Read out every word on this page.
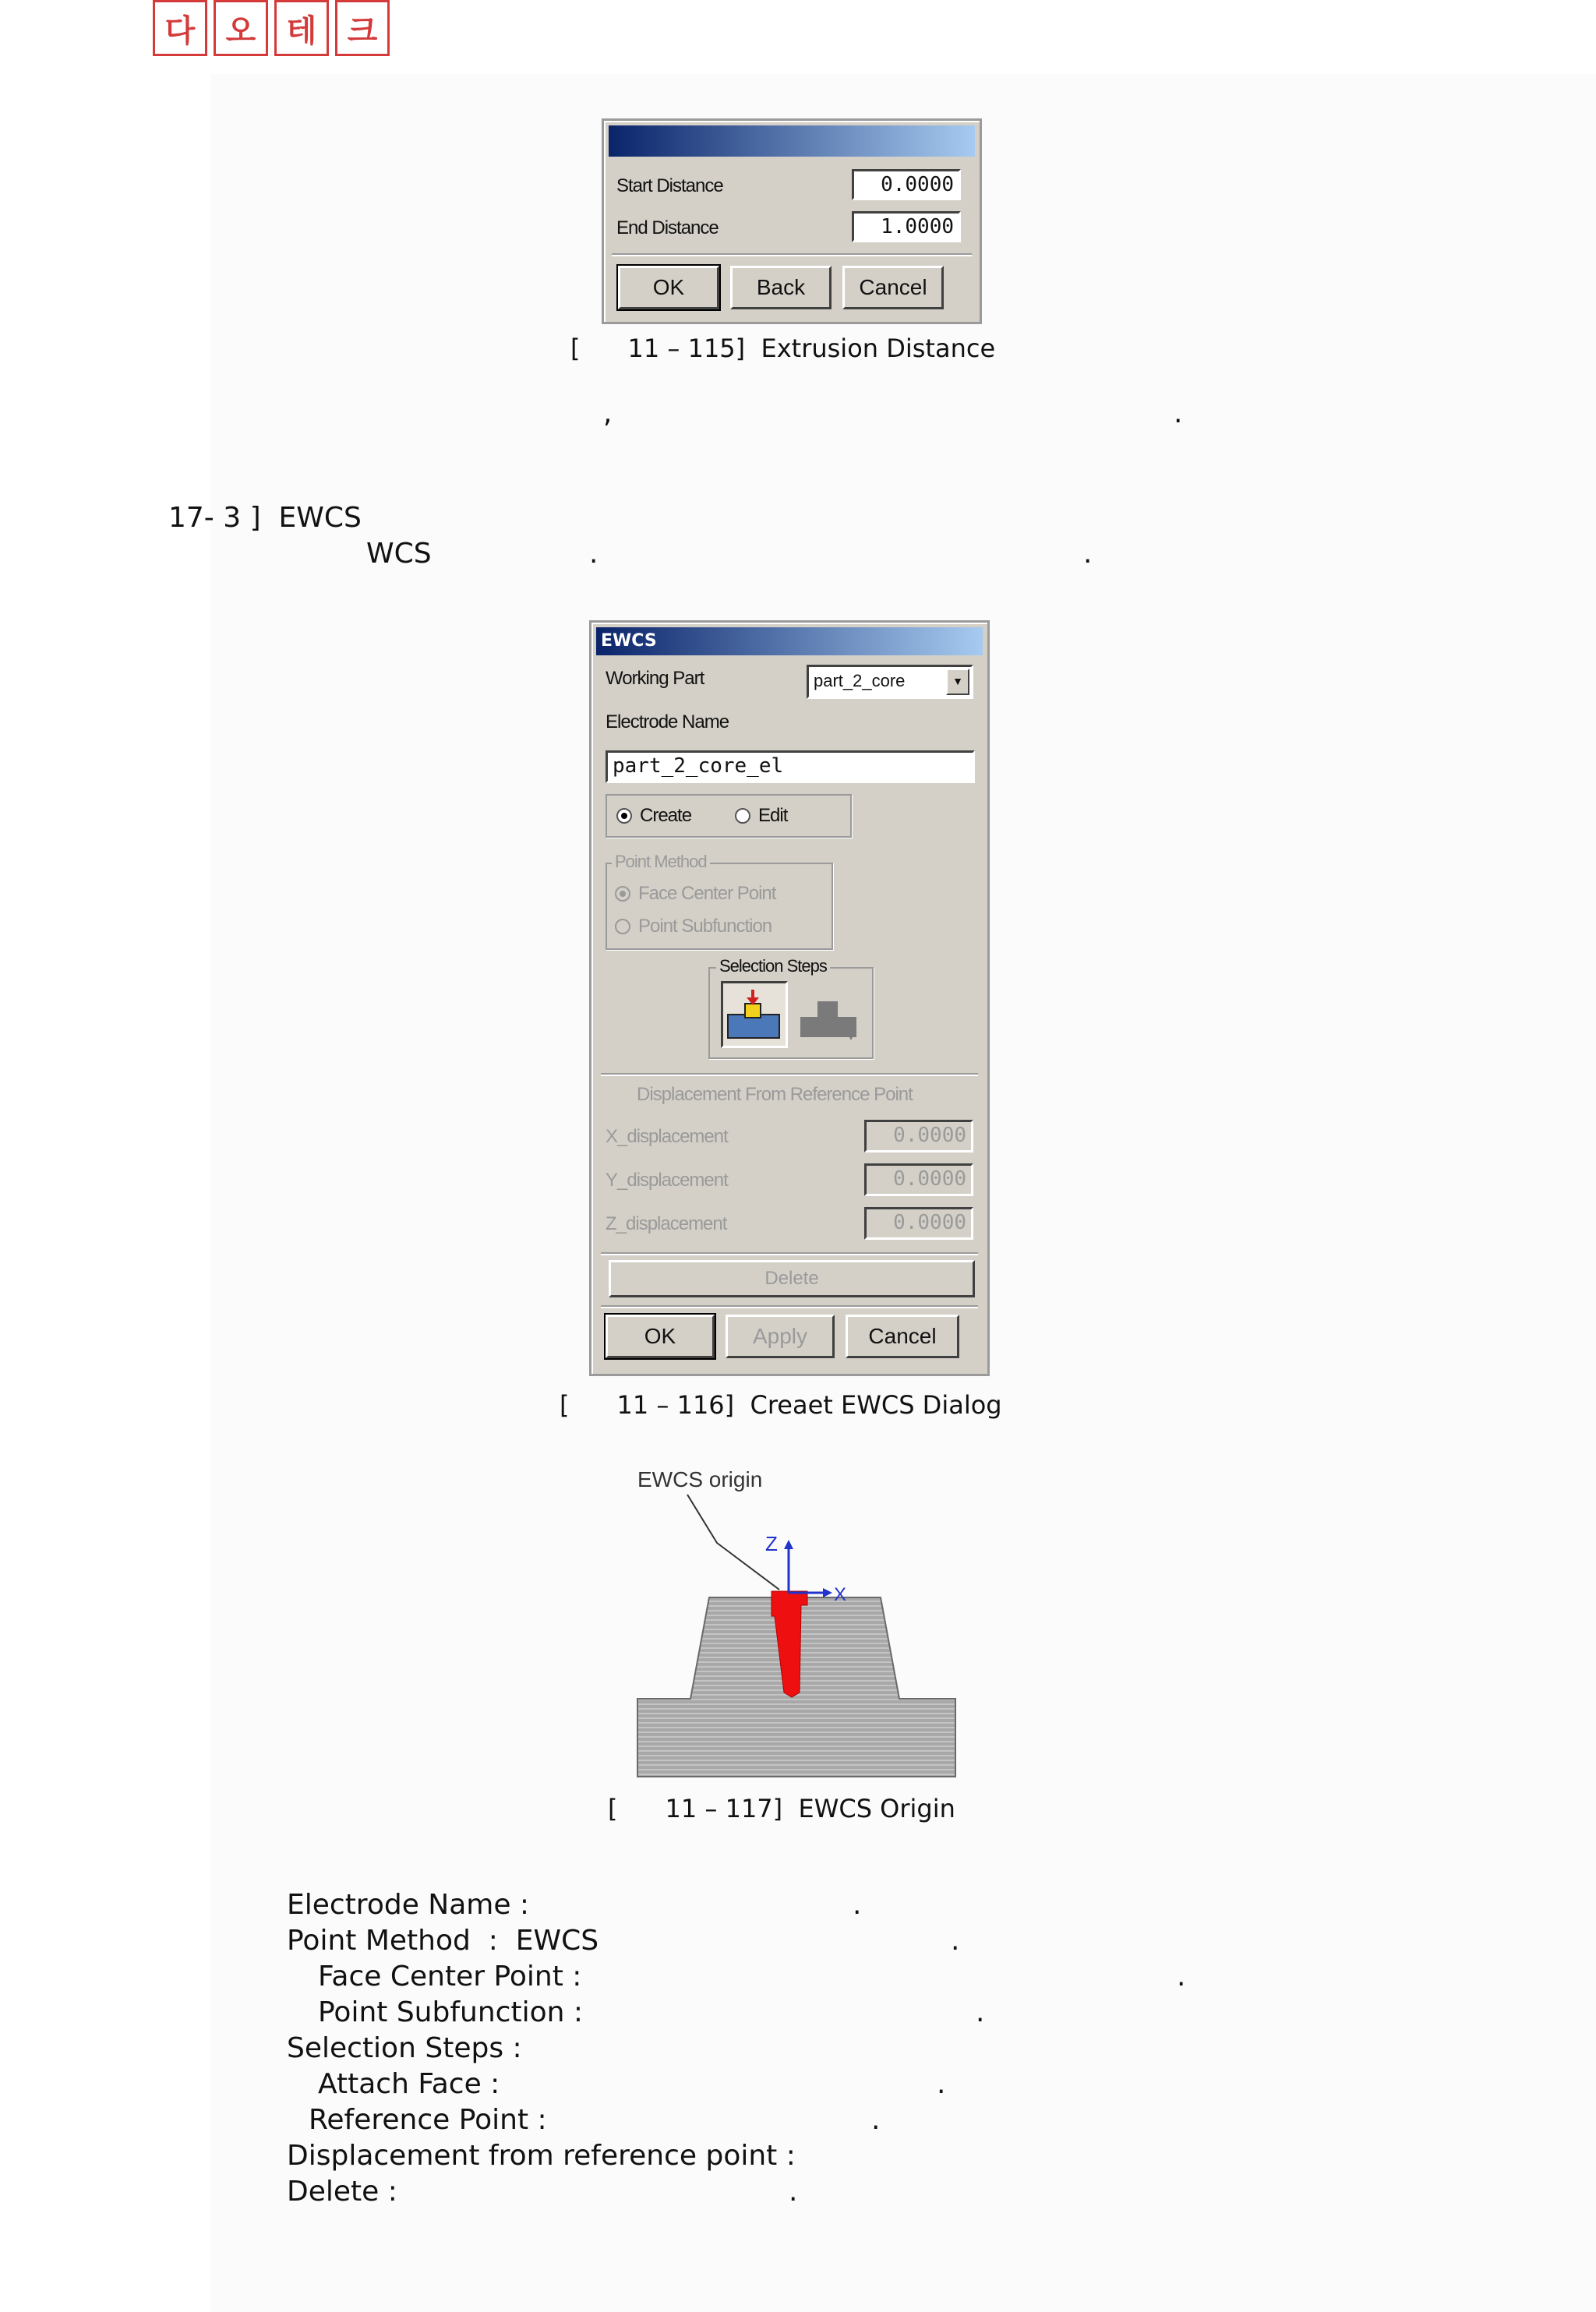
다 오 테 크
Start Distance	0.0000
End Distance	1.0000
OK	Back	Cancel
[      11 – 115]  Extrusion Distance
,	.
17- 3 ]  EWCS
WCS	.	.
EWCS
Working Part	part_2_core	▼
Electrode Name
part_2_core_el
Create	Edit
Point Method
Face Center Point
Point Subfunction
Selection Steps
Displacement From Reference Point
X_displacement	0.0000
Y_displacement	0.0000
Z_displacement	0.0000
Delete
OK	Apply	Cancel
[      11 – 116]  Creaet EWCS Dialog
EWCS origin
Z
X
[      11 – 117]  EWCS Origin
Electrode Name :	.
Point Method  :  EWCS	.
Face Center Point :	.
Point Subfunction :	.
Selection Steps :
Attach Face :	.
Reference Point :	.
Displacement from reference point :
Delete :	.
